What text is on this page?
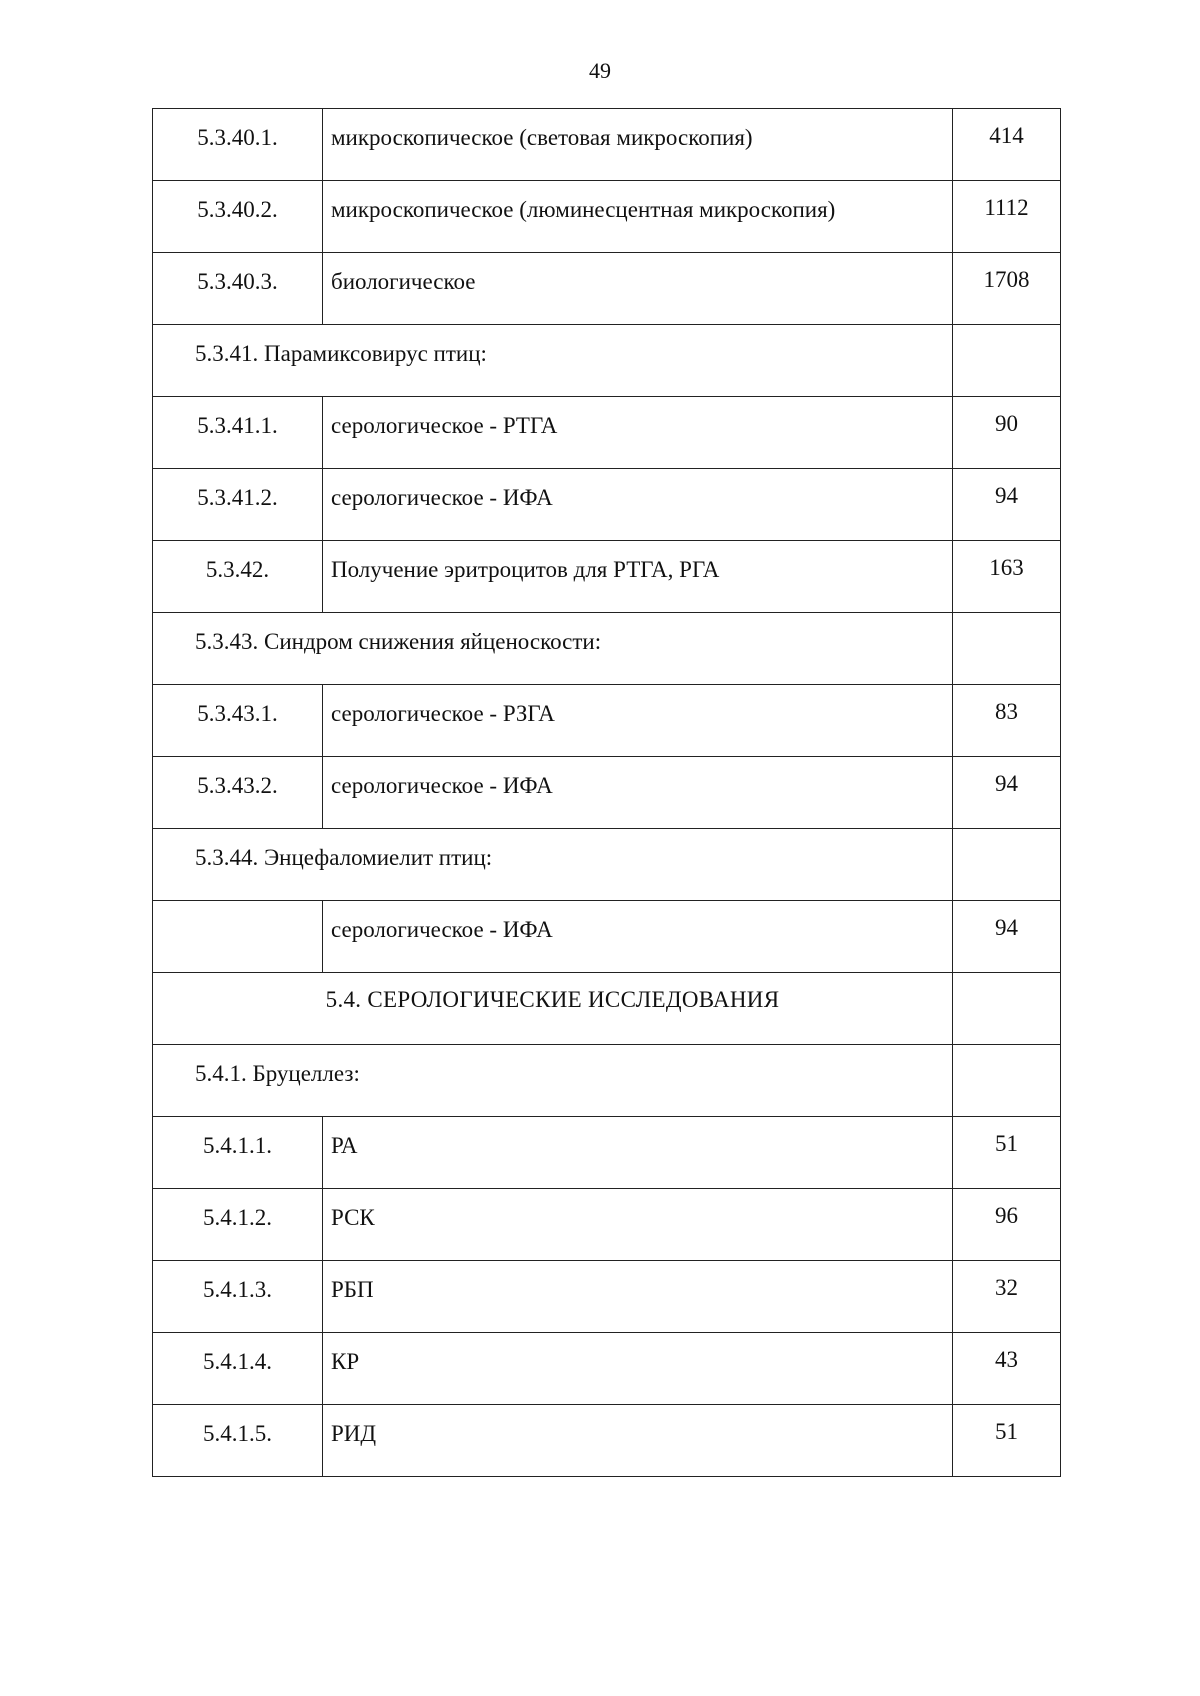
49
5.3.40.1.	микроскопическое (световая микроскопия)	414
5.3.40.2.	микроскопическое (люминесцентная микроскопия)	1112
5.3.40.3.	биологическое	1708
5.3.41. Парамиксовирус птиц:		
5.3.41.1.	серологическое - РТГА	90
5.3.41.2.	серологическое - ИФА	94
5.3.42.	Получение эритроцитов для РТГА, РГА	163
5.3.43. Синдром снижения яйценоскости:		
5.3.43.1.	серологическое - РЗГА	83
5.3.43.2.	серологическое - ИФА	94
5.3.44. Энцефаломиелит птиц:		
	серологическое - ИФА	94
5.4. СЕРОЛОГИЧЕСКИЕ ИССЛЕДОВАНИЯ		
5.4.1. Бруцеллез:		
5.4.1.1.	РА	51
5.4.1.2.	РСК	96
5.4.1.3.	РБП	32
5.4.1.4.	КР	43
5.4.1.5.	РИД	51
